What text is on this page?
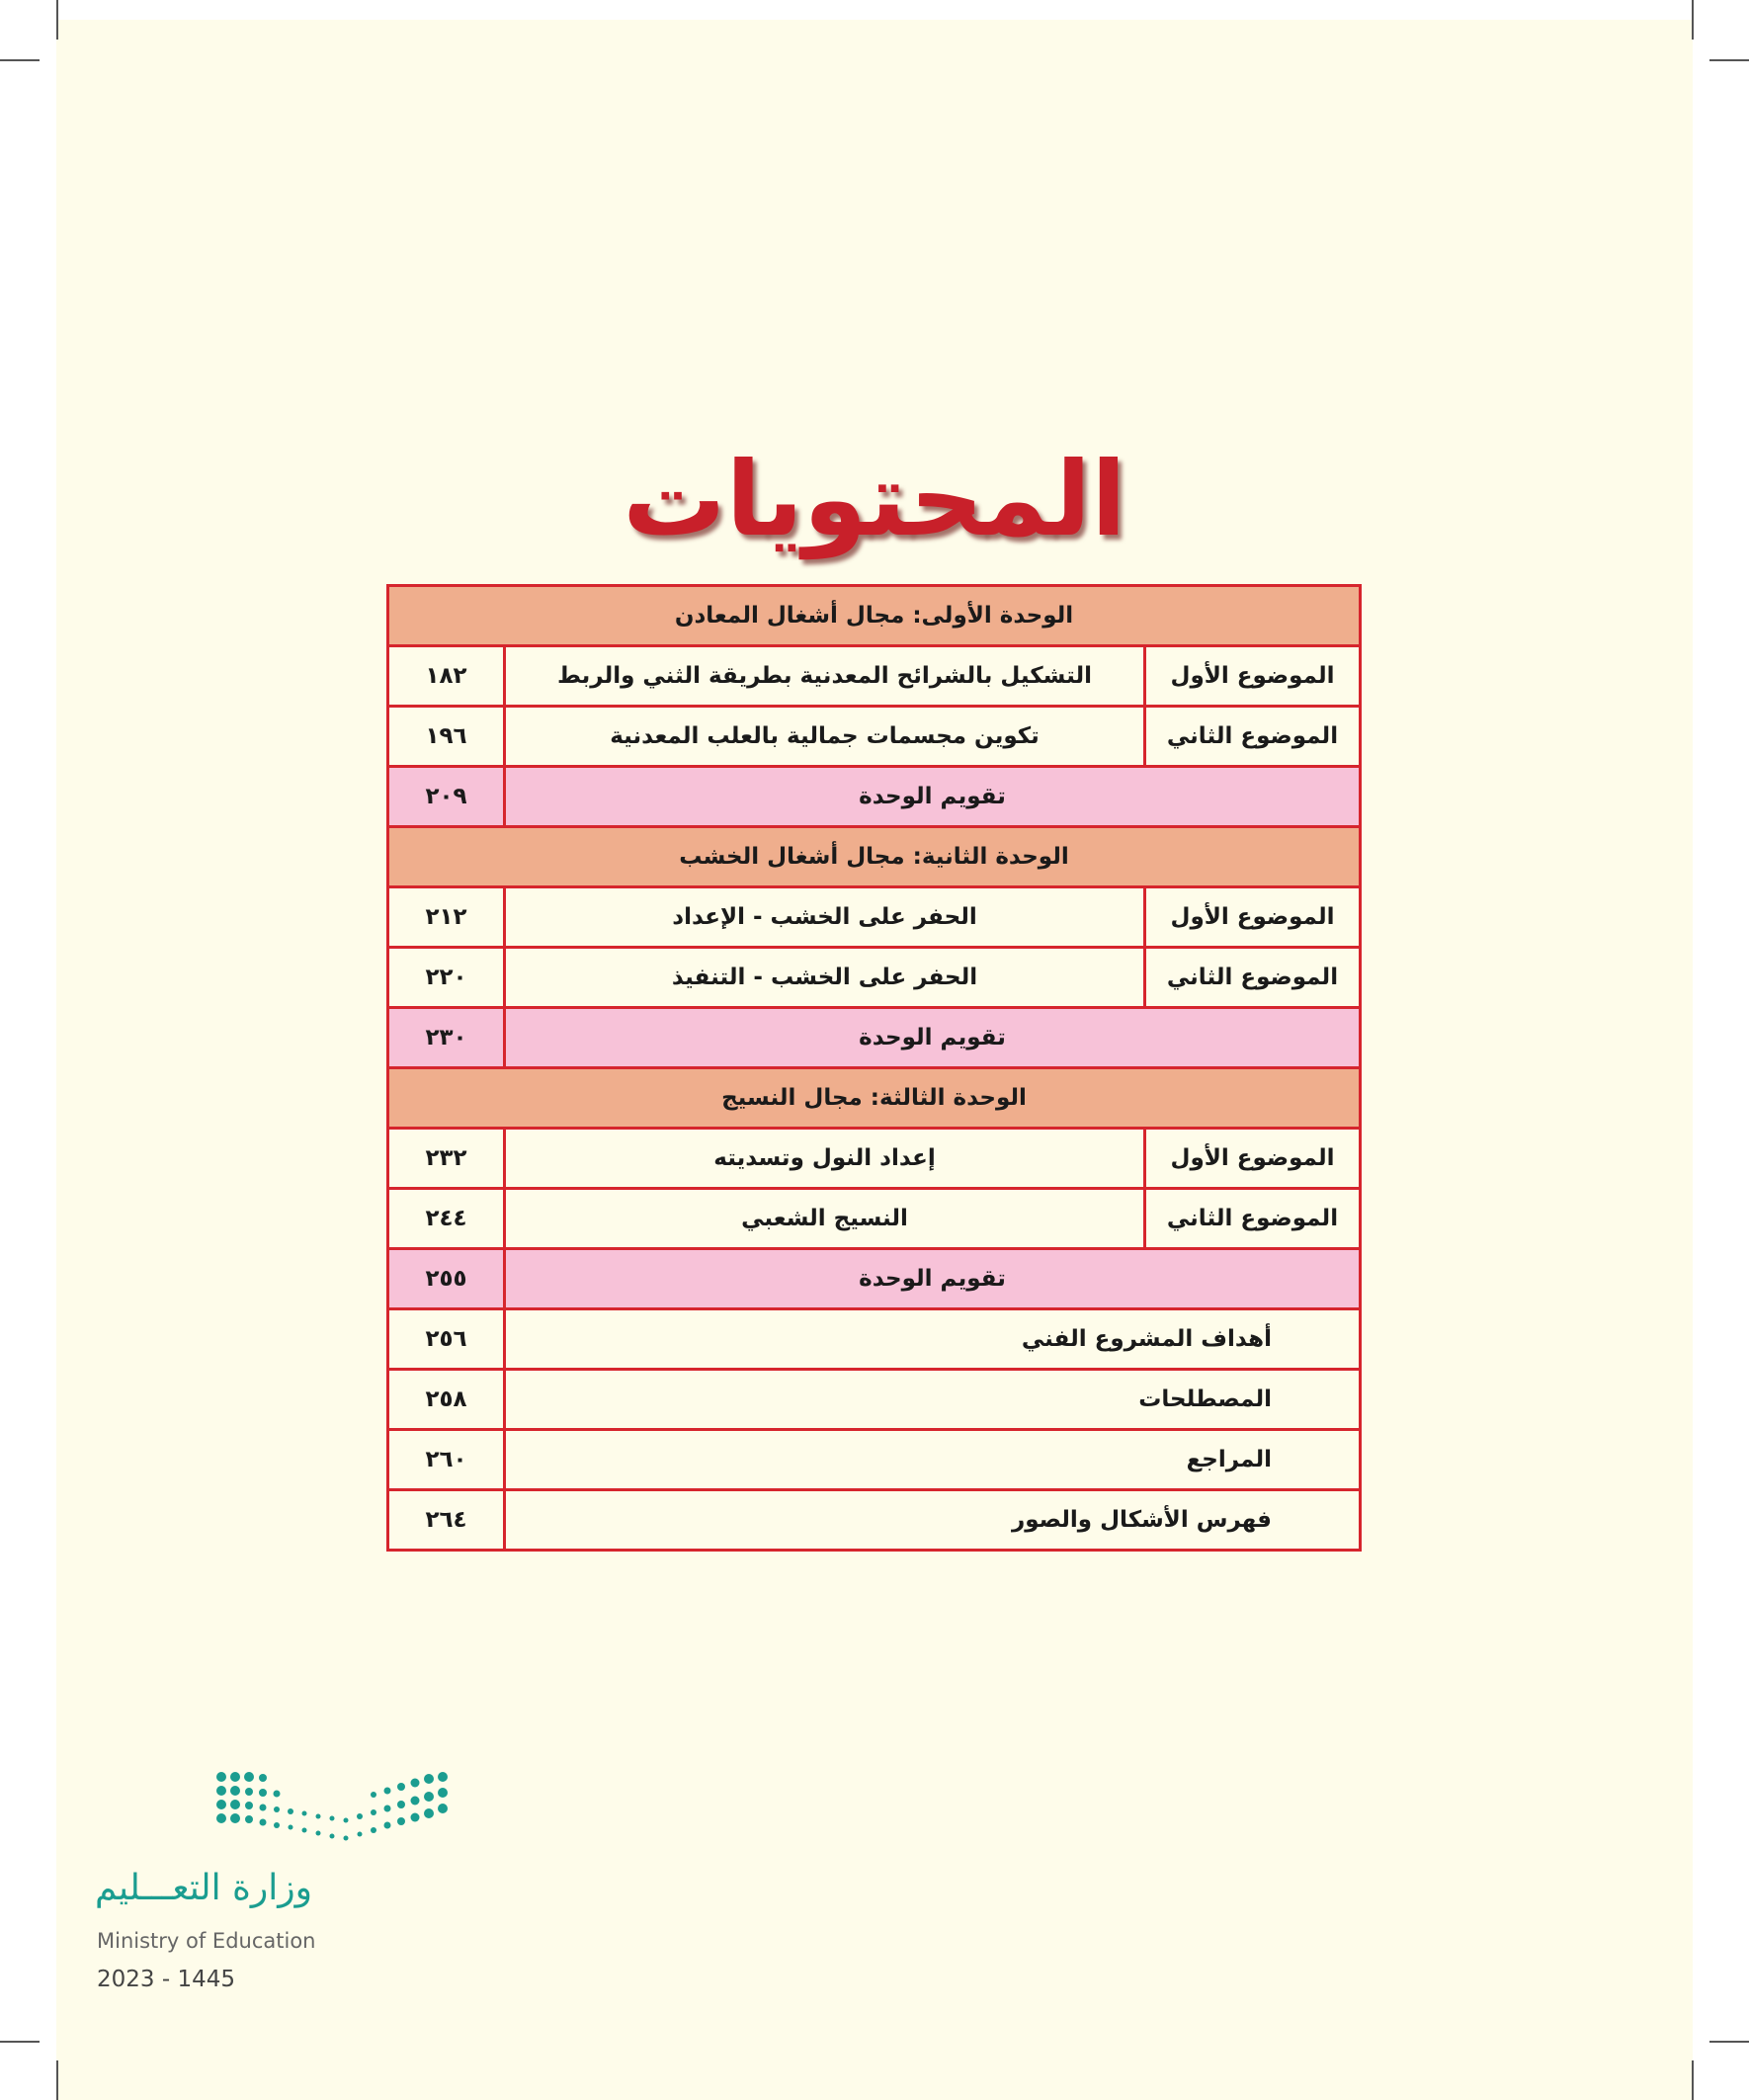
المحتويات
الوحدة الأولى: مجال أشغال المعادن		
الموضوع الأول	التشكيل بالشرائح المعدنية بطريقة الثني والربط	١٨٢
الموضوع الثاني	تكوين مجسمات جمالية بالعلب المعدنية	١٩٦
تقويم الوحدة		٢٠٩
الوحدة الثانية: مجال أشغال الخشب		
الموضوع الأول	الحفر على الخشب - الإعداد	٢١٢
الموضوع الثاني	الحفر على الخشب - التنفيذ	٢٢٠
تقويم الوحدة		٢٣٠
الوحدة الثالثة: مجال النسيج		
الموضوع الأول	إعداد النول وتسديته	٢٣٢
الموضوع الثاني	النسيج الشعبي	٢٤٤
تقويم الوحدة		٢٥٥
أهداف المشروع الفني		٢٥٦
المصطلحات		٢٥٨
المراجع		٢٦٠
فهرس الأشكال والصور		٢٦٤
وزارة التعـــليم
Ministry of Education
2023 - 1445
